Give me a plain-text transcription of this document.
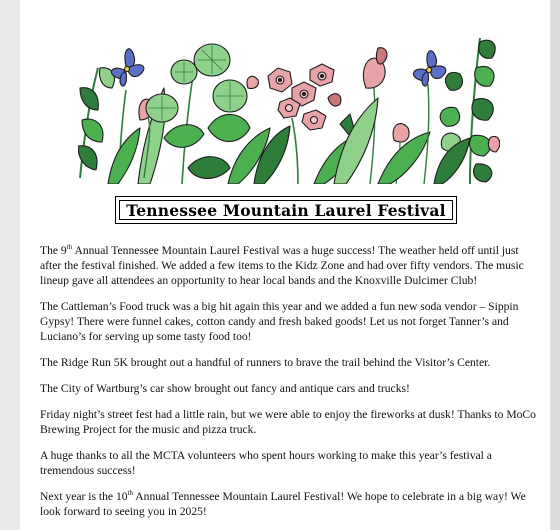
Tennessee Mountain Laurel Festival

The 9th Annual Tennessee Mountain Laurel Festival was a huge success! The weather held off until just after the festival finished. We added a few items to the Kidz Zone and had over fifty vendors. The music lineup gave all attendees an opportunity to hear local bands and the Knoxville Dulcimer Club!

The Cattleman’s Food truck was a big hit again this year and we added a fun new soda vendor – Sippin Gypsy! There were funnel cakes, cotton candy and fresh baked goods! Let us not forget Tanner’s and Luciano’s for serving up some tasty food too!

The Ridge Run 5K brought out a handful of runners to brave the trail behind the Visitor’s Center.

The City of Wartburg’s car show brought out fancy and antique cars and trucks!

Friday night’s street fest had a little rain, but we were able to enjoy the fireworks at dusk! Thanks to MoCo Brewing Project for the music and pizza truck.

A huge thanks to all the MCTA volunteers who spent hours working to make this year’s festival a tremendous success!

Next year is the 10th Annual Tennessee Mountain Laurel Festival! We hope to celebrate in a big way! We look forward to seeing you in 2025!
